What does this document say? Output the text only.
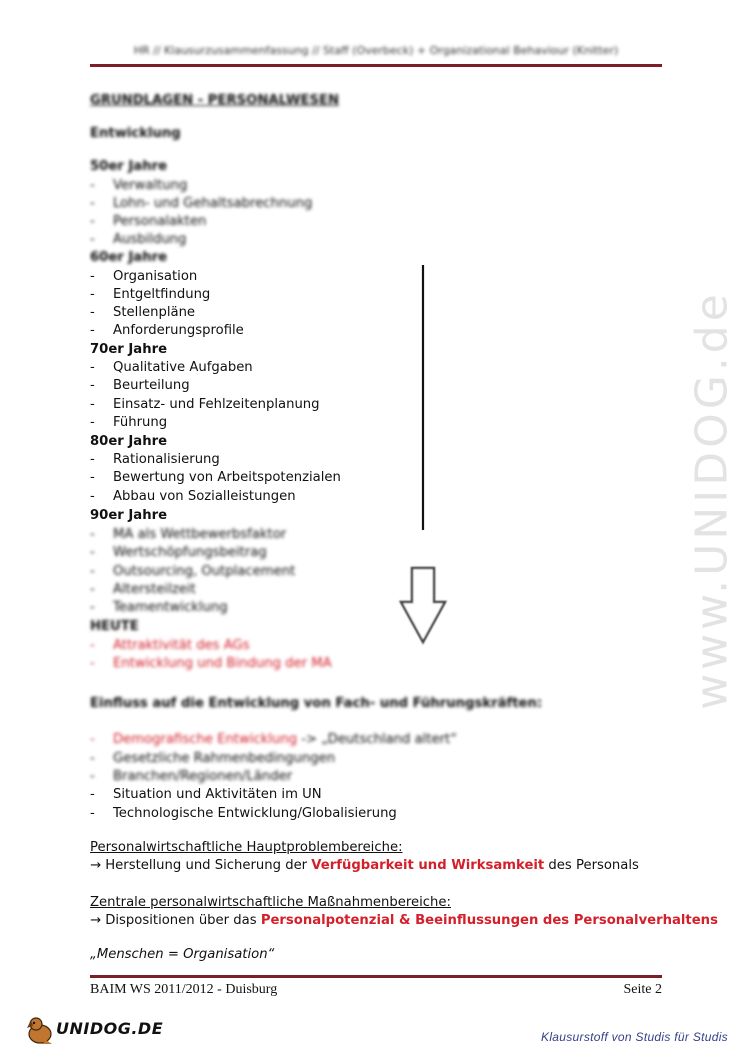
www.UNIDOG.de
HR // Klausurzusammenfassung // Staff (Overbeck) + Organizational Behaviour (Knitter)
GRUNDLAGEN - PERSONALWESEN
Entwicklung
50er Jahre
- Verwaltung
- Lohn- und Gehaltsabrechnung
- Personalakten
- Ausbildung
60er Jahre
- Organisation
- Entgeltfindung
- Stellenpläne
- Anforderungsprofile
70er Jahre
- Qualitative Aufgaben
- Beurteilung
- Einsatz- und Fehlzeitenplanung
- Führung
80er Jahre
- Rationalisierung
- Bewertung von Arbeitspotenzialen
- Abbau von Sozialleistungen
90er Jahre
- MA als Wettbewerbsfaktor
- Wertschöpfungsbeitrag
- Outsourcing, Outplacement
- Altersteilzeit
- Teamentwicklung
HEUTE
- Attraktivität des AGs
- Entwicklung und Bindung der MA
Einfluss auf die Entwicklung von Fach- und Führungskräften:
- Demografische Entwicklung -> „Deutschland altert“
- Gesetzliche Rahmenbedingungen
- Branchen/Regionen/Länder
- Situation und Aktivitäten im UN
- Technologische Entwicklung/Globalisierung
Personalwirtschaftliche Hauptproblembereiche:
→ Herstellung und Sicherung der Verfügbarkeit und Wirksamkeit des Personals
Zentrale personalwirtschaftliche Maßnahmenbereiche:
→ Dispositionen über das Personalpotenzial & Beeinflussungen des Personalverhaltens
„Menschen = Organisation“
BAIM WS 2011/2012 - Duisburg	Seite 2
UNIDOG.DE	Klausurstoff von Studis für Studis
